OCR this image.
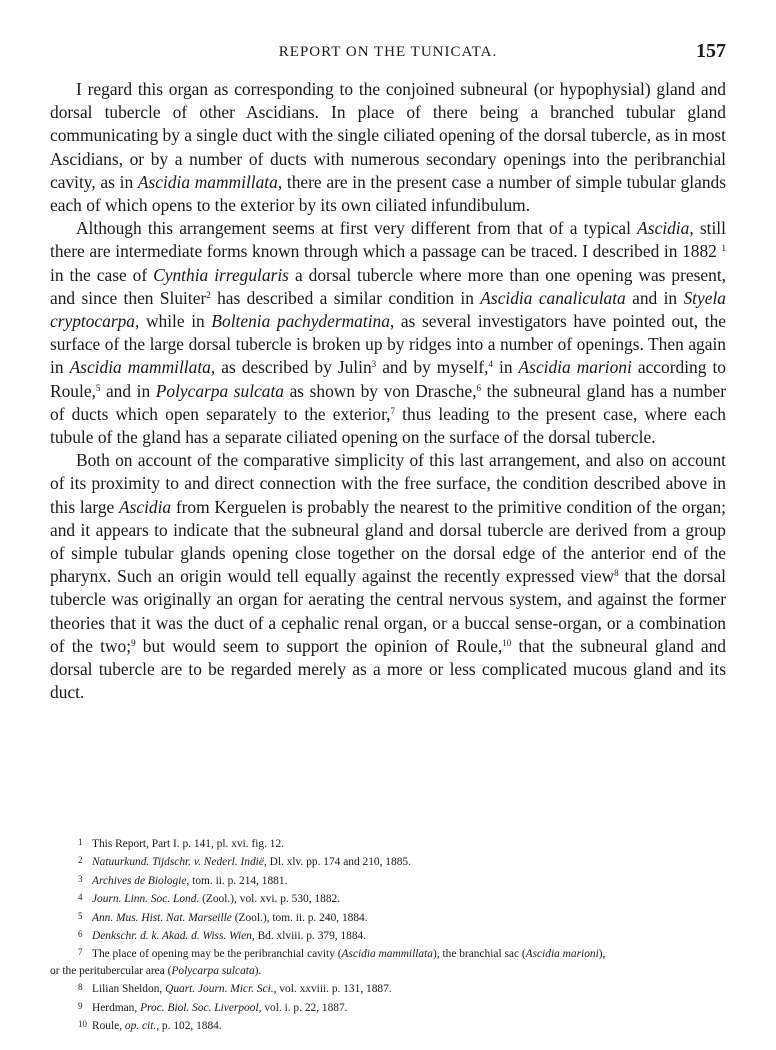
REPORT ON THE TUNICATA.	157

I regard this organ as corresponding to the conjoined subneural (or hypophysial) gland and dorsal tubercle of other Ascidians. In place of there being a branched tubular gland communicating by a single duct with the single ciliated opening of the dorsal tubercle, as in most Ascidians, or by a number of ducts with numerous secondary openings into the peribranchial cavity, as in Ascidia mammillata, there are in the present case a number of simple tubular glands each of which opens to the exterior by its own ciliated infundibulum.

Although this arrangement seems at first very different from that of a typical Ascidia, still there are intermediate forms known through which a passage can be traced. I described in 1882 $^1$ in the case of Cynthia irregularis a dorsal tubercle where more than one opening was present, and since then Sluiter$^2$ has described a similar condition in Ascidia canaliculata and in Styela cryptocarpa, while in Boltenia pachydermatina, as several investigators have pointed out, the surface of the large dorsal tubercle is broken up by ridges into a number of openings. Then again in Ascidia mammillata, as described by Julin$^3$ and by myself,$^4$ in Ascidia marioni according to Roule,$^5$ and in Polycarpa sulcata as shown by von Drasche,$^6$ the subneural gland has a number of ducts which open separately to the exterior,$^7$ thus leading to the present case, where each tubule of the gland has a separate ciliated opening on the surface of the dorsal tubercle.

Both on account of the comparative simplicity of this last arrangement, and also on account of its proximity to and direct connection with the free surface, the condition described above in this large Ascidia from Kerguelen is probably the nearest to the primitive condition of the organ; and it appears to indicate that the subneural gland and dorsal tubercle are derived from a group of simple tubular glands opening close together on the dorsal edge of the anterior end of the pharynx. Such an origin would tell equally against the recently expressed view$^8$ that the dorsal tubercle was originally an organ for aerating the central nervous system, and against the former theories that it was the duct of a cephalic renal organ, or a buccal sense-organ, or a combination of the two;$^9$ but would seem to support the opinion of Roule,$^{10}$ that the subneural gland and dorsal tubercle are to be regarded merely as a more or less complicated mucous gland and its duct.

1 This Report, Part I. p. 141, pl. xvi. fig. 12.
2 Natuurkund. Tijdschr. v. Nederl. Indië, Dl. xlv. pp. 174 and 210, 1885.
3 Archives de Biologie, tom. ii. p. 214, 1881.
4 Journ. Linn. Soc. Lond. (Zool.), vol. xvi. p. 530, 1882.
5 Ann. Mus. Hist. Nat. Marseille (Zool.), tom. ii. p. 240, 1884.
6 Denkschr. d. k. Akad. d. Wiss. Wien, Bd. xlviii. p. 379, 1884.
7 The place of opening may be the peribranchial cavity (Ascidia mammillata), the branchial sac (Ascidia marioni),
or the peritubercular area (Polycarpa sulcata).
8 Lilian Sheldon, Quart. Journ. Micr. Sci., vol. xxviii. p. 131, 1887.
9 Herdman, Proc. Biol. Soc. Liverpool, vol. i. p. 22, 1887.
10 Roule, op. cit., p. 102, 1884.
